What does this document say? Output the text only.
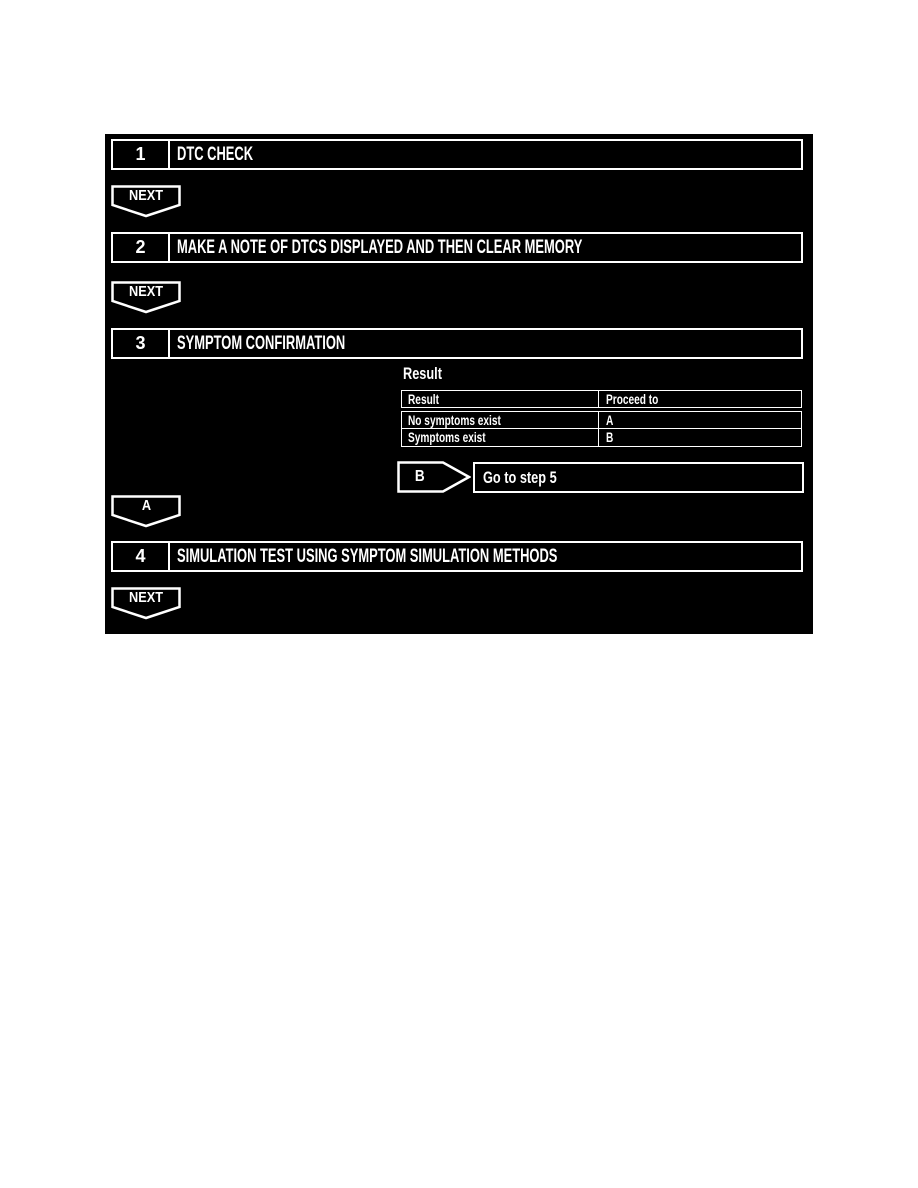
1	DTC CHECK
NEXT
2	MAKE A NOTE OF DTCS DISPLAYED AND THEN CLEAR MEMORY
NEXT
3	SYMPTOM CONFIRMATION
Result
Result	Proceed to
No symptoms exist	A
Symptoms exist	B
B	Go to step 5
A
4	SIMULATION TEST USING SYMPTOM SIMULATION METHODS
NEXT
